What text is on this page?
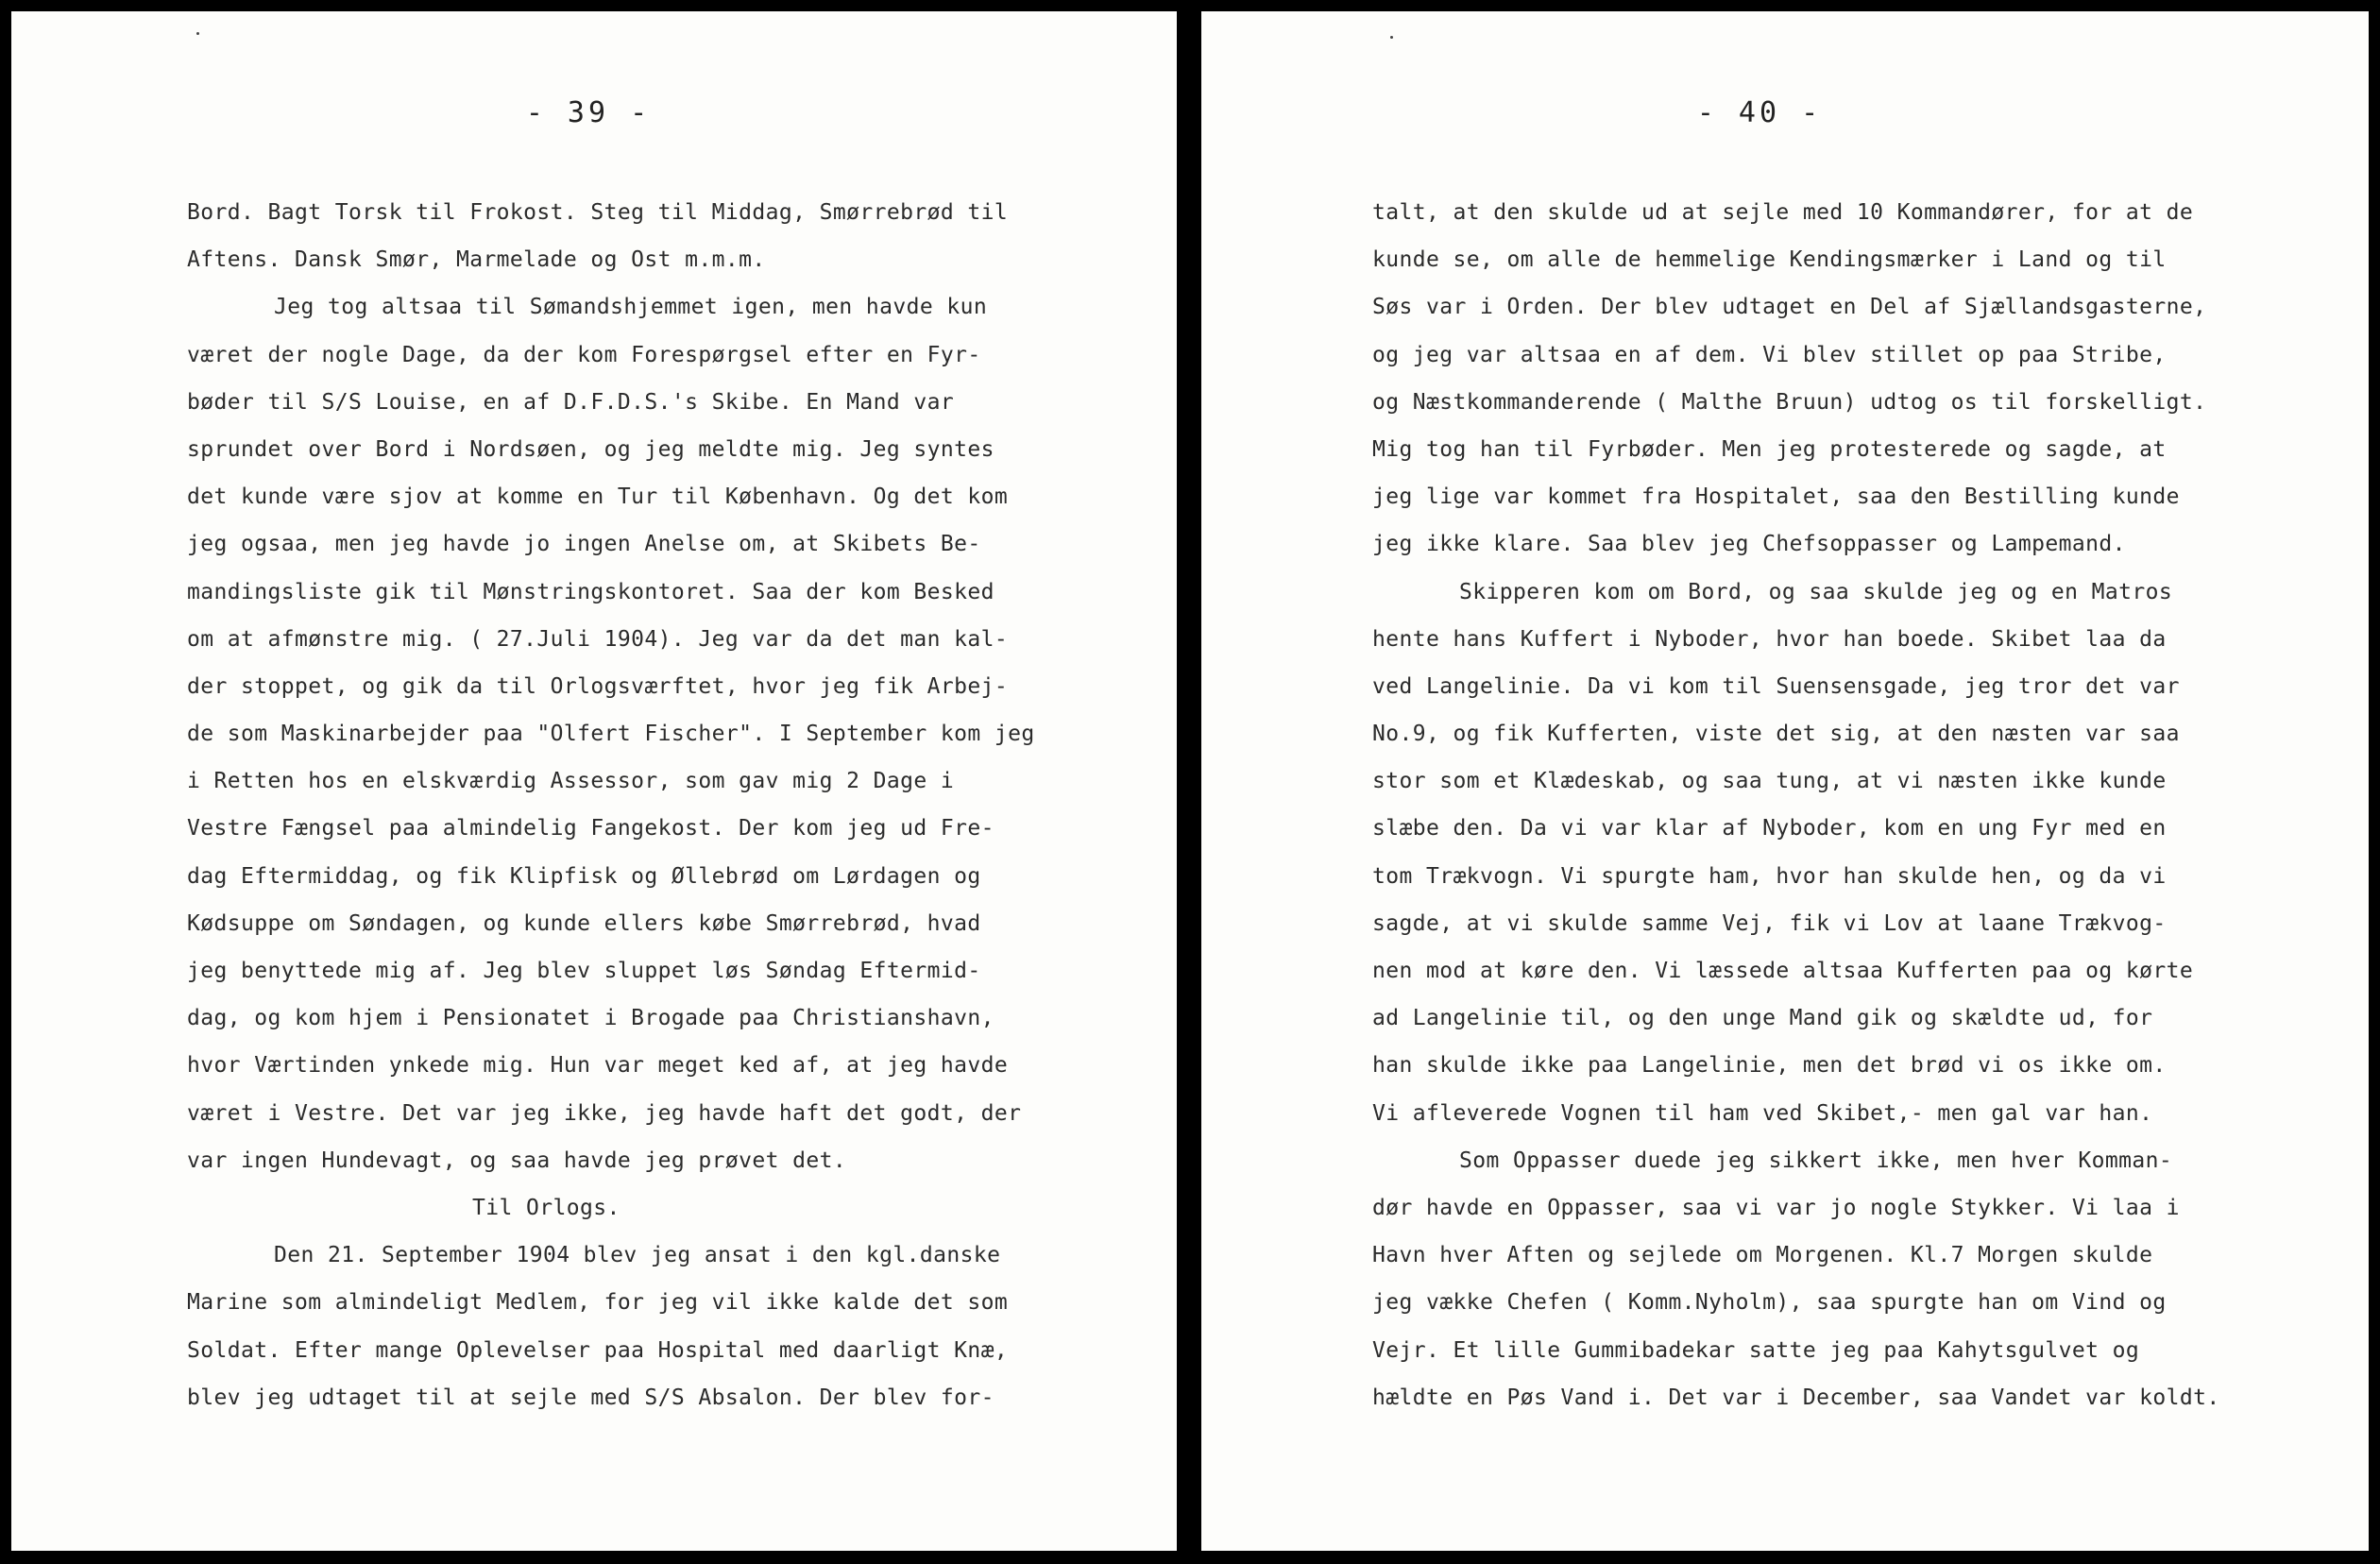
- 39 -
Bord. Bagt Torsk til Frokost. Steg til Middag, Smørrebrød til
Aftens. Dansk Smør, Marmelade og Ost m.m.m.
Jeg tog altsaa til Sømandshjemmet igen, men havde kun
været der nogle Dage, da der kom Forespørgsel efter en Fyr-
bøder til S/S Louise, en af D.F.D.S.'s Skibe. En Mand var
sprundet over Bord i Nordsøen, og jeg meldte mig. Jeg syntes
det kunde være sjov at komme en Tur til København. Og det kom
jeg ogsaa, men jeg havde jo ingen Anelse om, at Skibets Be-
mandingsliste gik til Mønstringskontoret. Saa der kom Besked
om at afmønstre mig. ( 27.Juli 1904). Jeg var da det man kal-
der stoppet, og gik da til Orlogsværftet, hvor jeg fik Arbej-
de som Maskinarbejder paa "Olfert Fischer". I September kom jeg
i Retten hos en elskværdig Assessor, som gav mig 2 Dage i
Vestre Fængsel paa almindelig Fangekost. Der kom jeg ud Fre-
dag Eftermiddag, og fik Klipfisk og Øllebrød om Lørdagen og
Kødsuppe om Søndagen, og kunde ellers købe Smørrebrød, hvad
jeg benyttede mig af. Jeg blev sluppet løs Søndag Eftermid-
dag, og kom hjem i Pensionatet i Brogade paa Christianshavn,
hvor Værtinden ynkede mig. Hun var meget ked af, at jeg havde
været i Vestre. Det var jeg ikke, jeg havde haft det godt, der
var ingen Hundevagt, og saa havde jeg prøvet det.
Til Orlogs.
Den 21. September 1904 blev jeg ansat i den kgl.danske
Marine som almindeligt Medlem, for jeg vil ikke kalde det som
Soldat. Efter mange Oplevelser paa Hospital med daarligt Knæ,
blev jeg udtaget til at sejle med S/S Absalon. Der blev for-
- 40 -
talt, at den skulde ud at sejle med 10 Kommandører, for at de
kunde se, om alle de hemmelige Kendingsmærker i Land og til
Søs var i Orden. Der blev udtaget en Del af Sjællandsgasterne,
og jeg var altsaa en af dem. Vi blev stillet op paa Stribe,
og Næstkommanderende ( Malthe Bruun) udtog os til forskelligt.
Mig tog han til Fyrbøder. Men jeg protesterede og sagde, at
jeg lige var kommet fra Hospitalet, saa den Bestilling kunde
jeg ikke klare. Saa blev jeg Chefsoppasser og Lampemand.
Skipperen kom om Bord, og saa skulde jeg og en Matros
hente hans Kuffert i Nyboder, hvor han boede. Skibet laa da
ved Langelinie. Da vi kom til Suensensgade, jeg tror det var
No.9, og fik Kufferten, viste det sig, at den næsten var saa
stor som et Klædeskab, og saa tung, at vi næsten ikke kunde
slæbe den. Da vi var klar af Nyboder, kom en ung Fyr med en
tom Trækvogn. Vi spurgte ham, hvor han skulde hen, og da vi
sagde, at vi skulde samme Vej, fik vi Lov at laane Trækvog-
nen mod at køre den. Vi læssede altsaa Kufferten paa og kørte
ad Langelinie til, og den unge Mand gik og skældte ud, for
han skulde ikke paa Langelinie, men det brød vi os ikke om.
Vi afleverede Vognen til ham ved Skibet,- men gal var han.
Som Oppasser duede jeg sikkert ikke, men hver Komman-
dør havde en Oppasser, saa vi var jo nogle Stykker. Vi laa i
Havn hver Aften og sejlede om Morgenen. Kl.7 Morgen skulde
jeg vække Chefen ( Komm.Nyholm), saa spurgte han om Vind og
Vejr. Et lille Gummibadekar satte jeg paa Kahytsgulvet og
hældte en Pøs Vand i. Det var i December, saa Vandet var koldt.
